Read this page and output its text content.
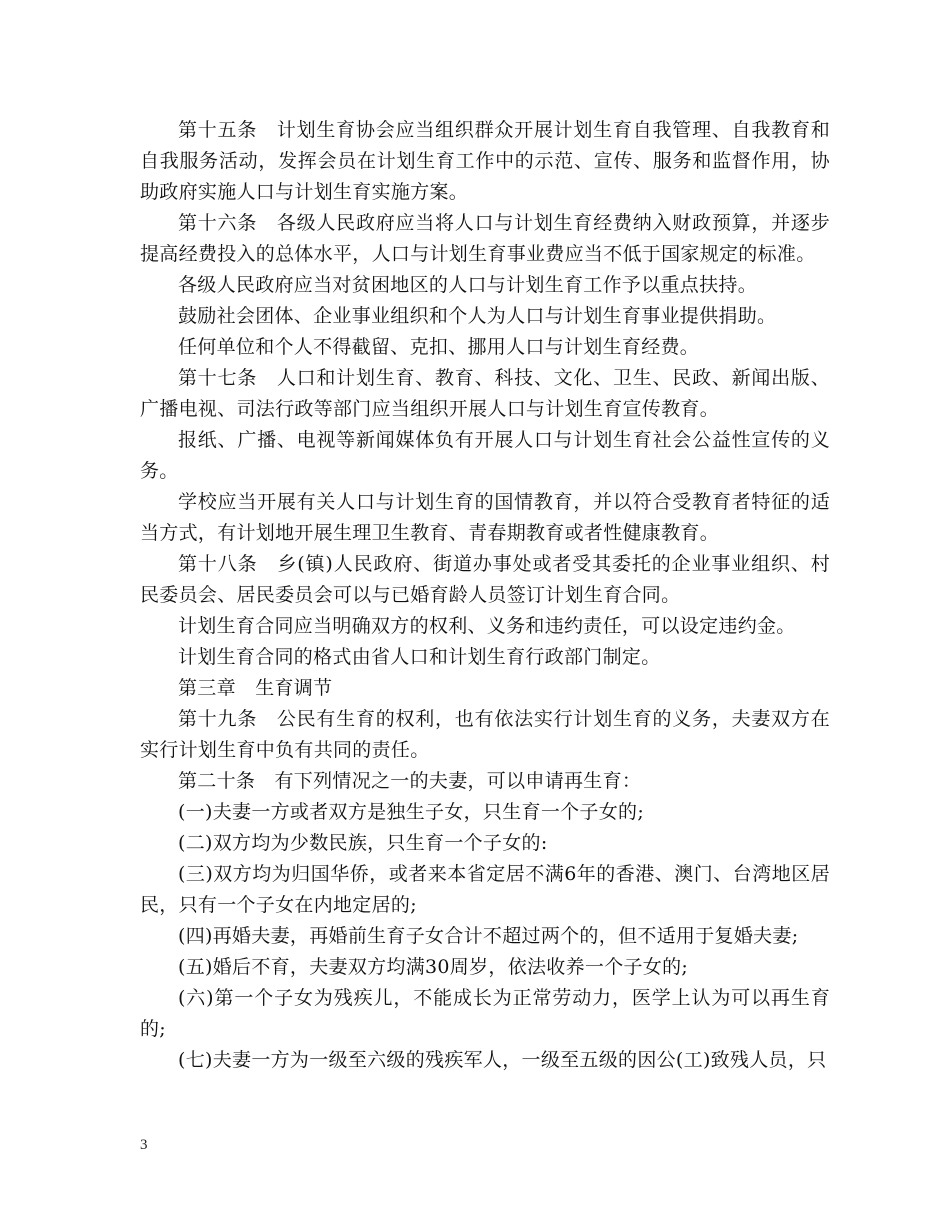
第十五条　计划生育协会应当组织群众开展计划生育自我管理、自我教育和自我服务活动，发挥会员在计划生育工作中的示范、宣传、服务和监督作用，协助政府实施人口与计划生育实施方案。

第十六条　各级人民政府应当将人口与计划生育经费纳入财政预算，并逐步提高经费投入的总体水平，人口与计划生育事业费应当不低于国家规定的标准。

各级人民政府应当对贫困地区的人口与计划生育工作予以重点扶持。

鼓励社会团体、企业事业组织和个人为人口与计划生育事业提供捐助。

任何单位和个人不得截留、克扣、挪用人口与计划生育经费。

第十七条　人口和计划生育、教育、科技、文化、卫生、民政、新闻出版、广播电视、司法行政等部门应当组织开展人口与计划生育宣传教育。

报纸、广播、电视等新闻媒体负有开展人口与计划生育社会公益性宣传的义务。

学校应当开展有关人口与计划生育的国情教育，并以符合受教育者特征的适当方式，有计划地开展生理卫生教育、青春期教育或者性健康教育。

第十八条　乡(镇)人民政府、街道办事处或者受其委托的企业事业组织、村民委员会、居民委员会可以与已婚育龄人员签订计划生育合同。

计划生育合同应当明确双方的权利、义务和违约责任，可以设定违约金。

计划生育合同的格式由省人口和计划生育行政部门制定。

第三章　生育调节

第十九条　公民有生育的权利，也有依法实行计划生育的义务，夫妻双方在实行计划生育中负有共同的责任。

第二十条　有下列情况之一的夫妻，可以申请再生育：

(一)夫妻一方或者双方是独生子女，只生育一个子女的;

(二)双方均为少数民族，只生育一个子女的:

(三)双方均为归国华侨，或者来本省定居不满6年的香港、澳门、台湾地区居民，只有一个子女在内地定居的;

(四)再婚夫妻，再婚前生育子女合计不超过两个的，但不适用于复婚夫妻;

(五)婚后不育，夫妻双方均满30周岁，依法收养一个子女的;

(六)第一个子女为残疾儿，不能成长为正常劳动力，医学上认为可以再生育的;

(七)夫妻一方为一级至六级的残疾军人，一级至五级的因公(工)致残人员，只

3
